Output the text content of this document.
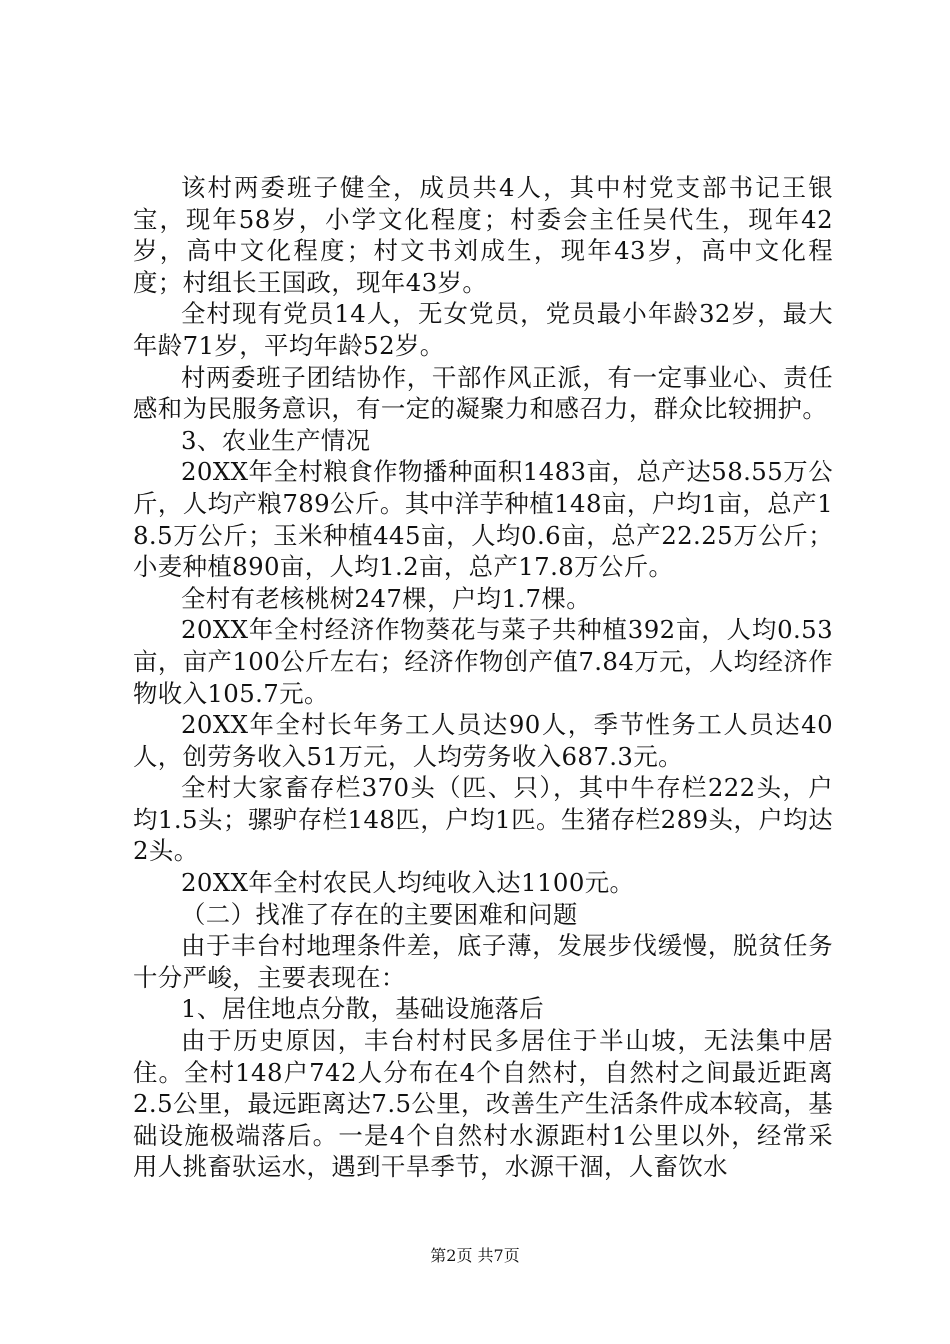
该村两委班子健全，成员共4人，其中村党支部书记王银宝，现年58岁，小学文化程度；村委会主任吴代生，现年42岁，高中文化程度；村文书刘成生，现年43岁，高中文化程度；村组长王国政，现年43岁。

全村现有党员14人，无女党员，党员最小年龄32岁，最大年龄71岁，平均年龄52岁。

村两委班子团结协作，干部作风正派，有一定事业心、责任感和为民服务意识，有一定的凝聚力和感召力，群众比较拥护。

3、农业生产情况

20XX年全村粮食作物播种面积1483亩，总产达58.55万公斤，人均产粮789公斤。其中洋芋种植148亩，户均1亩，总产18.5万公斤；玉米种植445亩，人均0.6亩，总产22.25万公斤；小麦种植890亩，人均1.2亩，总产17.8万公斤。

全村有老核桃树247棵，户均1.7棵。

20XX年全村经济作物葵花与菜子共种植392亩，人均0.53亩，亩产100公斤左右；经济作物创产值7.84万元，人均经济作物收入105.7元。

20XX年全村长年务工人员达90人，季节性务工人员达40人，创劳务收入51万元，人均劳务收入687.3元。

全村大家畜存栏370头（匹、只），其中牛存栏222头，户均1.5头；骡驴存栏148匹，户均1匹。生猪存栏289头，户均达2头。

20XX年全村农民人均纯收入达1100元。

（二）找准了存在的主要困难和问题

由于丰台村地理条件差，底子薄，发展步伐缓慢，脱贫任务十分严峻，主要表现在：

1、居住地点分散，基础设施落后

由于历史原因，丰台村村民多居住于半山坡，无法集中居住。全村148户742人分布在4个自然村，自然村之间最近距离2.5公里，最远距离达7.5公里，改善生产生活条件成本较高，基础设施极端落后。一是4个自然村水源距村1公里以外，经常采用人挑畜驮运水，遇到干旱季节，水源干涸，人畜饮水

第2页 共7页
